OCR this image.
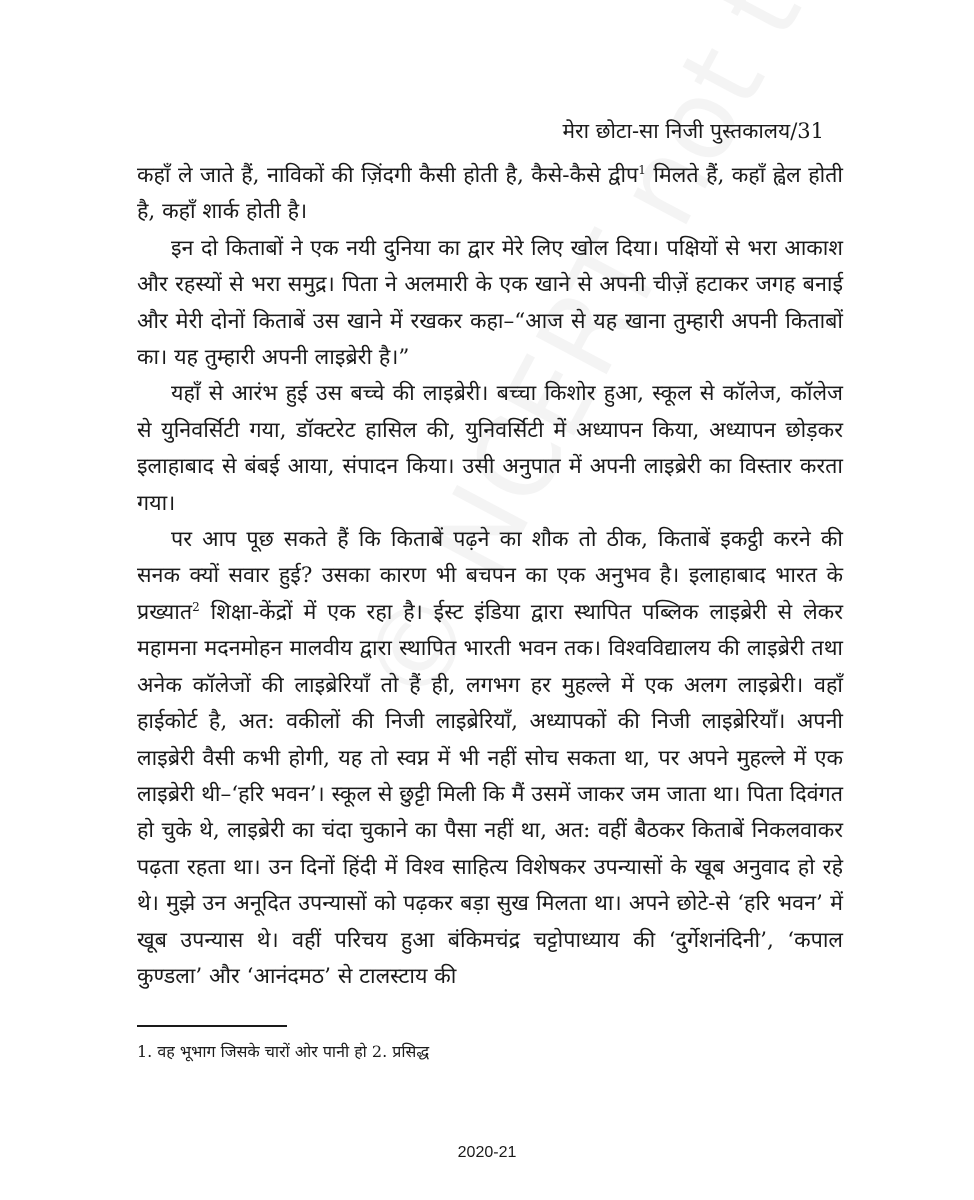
मेरा छोटा-सा निजी पुस्तकालय/31

कहाँ ले जाते हैं, नाविकों की ज़िंदगी कैसी होती है, कैसे-कैसे द्वीप$^1$ मिलते हैं, कहाँ ह्वेल होती है, कहाँ शार्क होती है।

इन दो किताबों ने एक नयी दुनिया का द्वार मेरे लिए खोल दिया। पक्षियों से भरा आकाश और रहस्यों से भरा समुद्र। पिता ने अलमारी के एक खाने से अपनी चीज़ें हटाकर जगह बनाई और मेरी दोनों किताबें उस खाने में रखकर कहा–“आज से यह खाना तुम्हारी अपनी किताबों का। यह तुम्हारी अपनी लाइब्रेरी है।”

यहाँ से आरंभ हुई उस बच्चे की लाइब्रेरी। बच्चा किशोर हुआ, स्कूल से कॉलेज, कॉलेज से युनिवर्सिटी गया, डॉक्टरेट हासिल की, युनिवर्सिटी में अध्यापन किया, अध्यापन छोड़कर इलाहाबाद से बंबई आया, संपादन किया। उसी अनुपात में अपनी लाइब्रेरी का विस्तार करता गया।

पर आप पूछ सकते हैं कि किताबें पढ़ने का शौक तो ठीक, किताबें इकट्ठी करने की सनक क्यों सवार हुई? उसका कारण भी बचपन का एक अनुभव है। इलाहाबाद भारत के प्रख्यात$^2$ शिक्षा-केंद्रों में एक रहा है। ईस्ट इंडिया द्वारा स्थापित पब्लिक लाइब्रेरी से लेकर महामना मदनमोहन मालवीय द्वारा स्थापित भारती भवन तक। विश्वविद्यालय की लाइब्रेरी तथा अनेक कॉलेजों की लाइब्रेरियाँ तो हैं ही, लगभग हर मुहल्ले में एक अलग लाइब्रेरी। वहाँ हाईकोर्ट है, अत: वकीलों की निजी लाइब्रेरियाँ, अध्यापकों की निजी लाइब्रेरियाँ। अपनी लाइब्रेरी वैसी कभी होगी, यह तो स्वप्न में भी नहीं सोच सकता था, पर अपने मुहल्ले में एक लाइब्रेरी थी–‘हरि भवन’। स्कूल से छुट्टी मिली कि मैं उसमें जाकर जम जाता था। पिता दिवंगत हो चुके थे, लाइब्रेरी का चंदा चुकाने का पैसा नहीं था, अत: वहीं बैठकर किताबें निकलवाकर पढ़ता रहता था। उन दिनों हिंदी में विश्व साहित्य विशेषकर उपन्यासों के खूब अनुवाद हो रहे थे। मुझे उन अनूदित उपन्यासों को पढ़कर बड़ा सुख मिलता था। अपने छोटे-से ‘हरि भवन’ में खूब उपन्यास थे। वहीं परिचय हुआ बंकिमचंद्र चट्टोपाध्याय की ‘दुर्गेशनंदिनी’, ‘कपाल कुण्डला’ और ‘आनंदमठ’ से टालस्टाय की

1. वह भूभाग जिसके चारों ओर पानी हो 2. प्रसिद्ध
2020-21
